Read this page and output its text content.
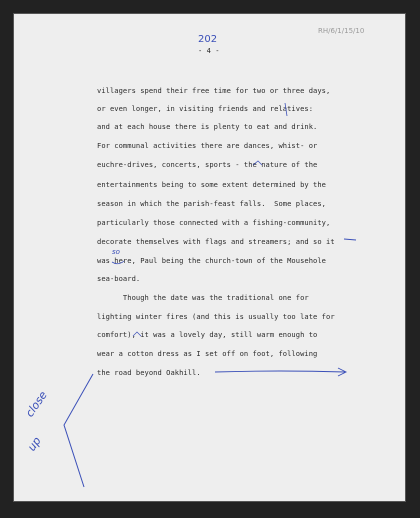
RH/6/1/15/10
202
- 4 -
villagers spend their free time for two or three days,
or even longer, in visiting friends and relatives:
and at each house there is plenty to eat and drink.
For communal activities there are dances, whist- or
euchre-drives, concerts, sports - the nature of the
entertainments being to some extent determined by the
season in which the parish-feast falls.  Some places,
particularly those connected with a fishing-community,
decorate themselves with flags and streamers; and so it
was here, Paul being the church-town of the Mousehole
sea-board.
Though the date was the traditional one for
lighting winter fires (and this is usually too late for
comfort), it was a lovely day, still warm enough to
wear a cotton dress as I set off on foot, following
the road beyond Oakhill.
so
close
up
